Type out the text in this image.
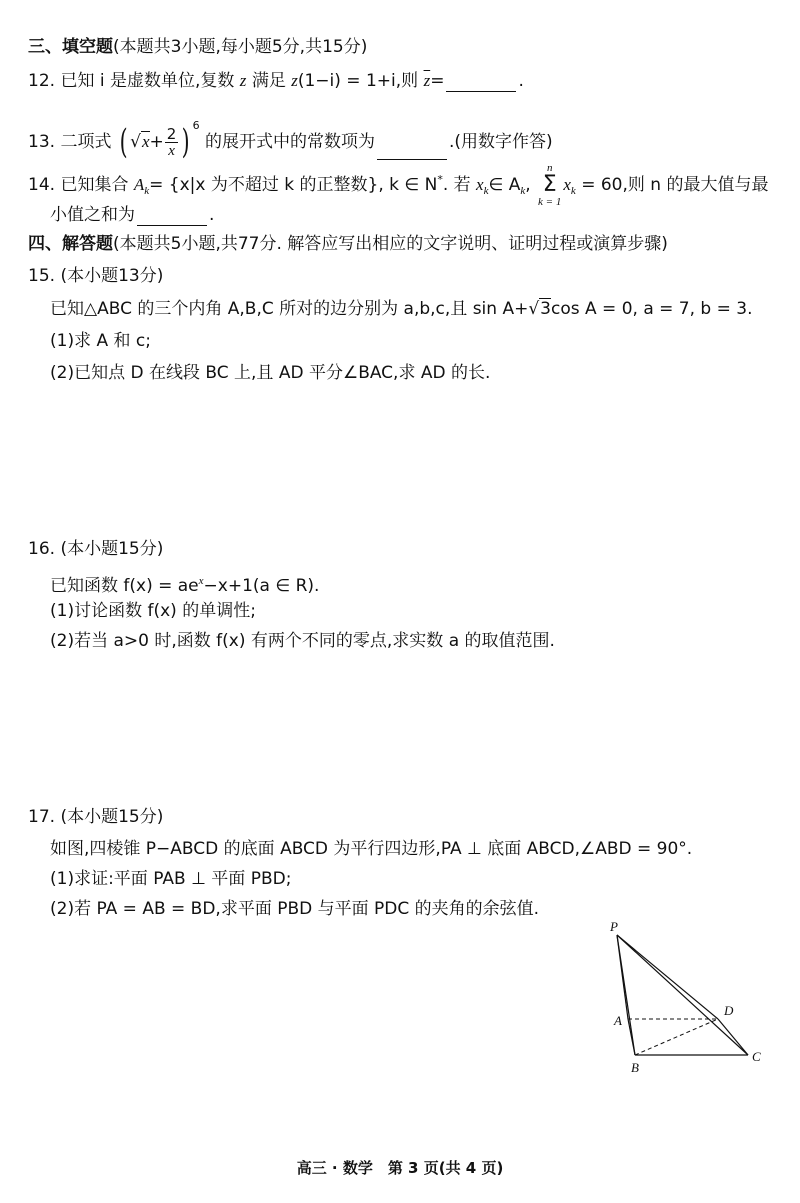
三、填空题(本题共3小题,每小题5分,共15分)
12. 已知 i 是虚数单位,复数 z 满足 z(1−i) = 1+i,则 $\overline{z}=$	.
13. 二项式 ( $√x+ \frac{2}{x}$ ) $^6$ 的展开式中的常数项为	.(用数字作答)
14. 已知集合 $A_k= \{x|x$ 为不超过 k 的正整数}, k ∈ N*. 若 $x_k\in$ $A_k$, n
Σ
$k = 1x_k = 60$,则 n 的最大值与最
小值之和为	.
四、解答题(本题共5小题,共77分. 解答应写出相应的文字说明、证明过程或演算步骤)
15. (本小题13分)
已知△ABC 的三个内角 A,B,C 所对的边分别为 a,b,c,且 sin A+√3cos A = 0, a = 7, b = 3.
(1)求 A 和 c;
(2)已知点 D 在线段 BC 上,且 AD 平分∠BAC,求 AD 的长.
16. (本小题15分)
已知函数 $f(x) = ae^x-x+1(a$ ∈ R).
(1)讨论函数 f(x) 的单调性;
(2)若当 a>0 时,函数 f(x) 有两个不同的零点,求实数 a 的取值范围.
17. (本小题15分)
如图,四棱锥 P−ABCD 的底面 ABCD 为平行四边形,PA ⊥ 底面 ABCD,∠ABD = 90°.
(1)求证:平面 PAB ⊥ 平面 PBD;
(2)若 PA = AB = BD,求平面 PBD 与平面 PDC 的夹角的余弦值.
P
A
B
C
D
高三 · 数学　第 3 页(共 4 页)
